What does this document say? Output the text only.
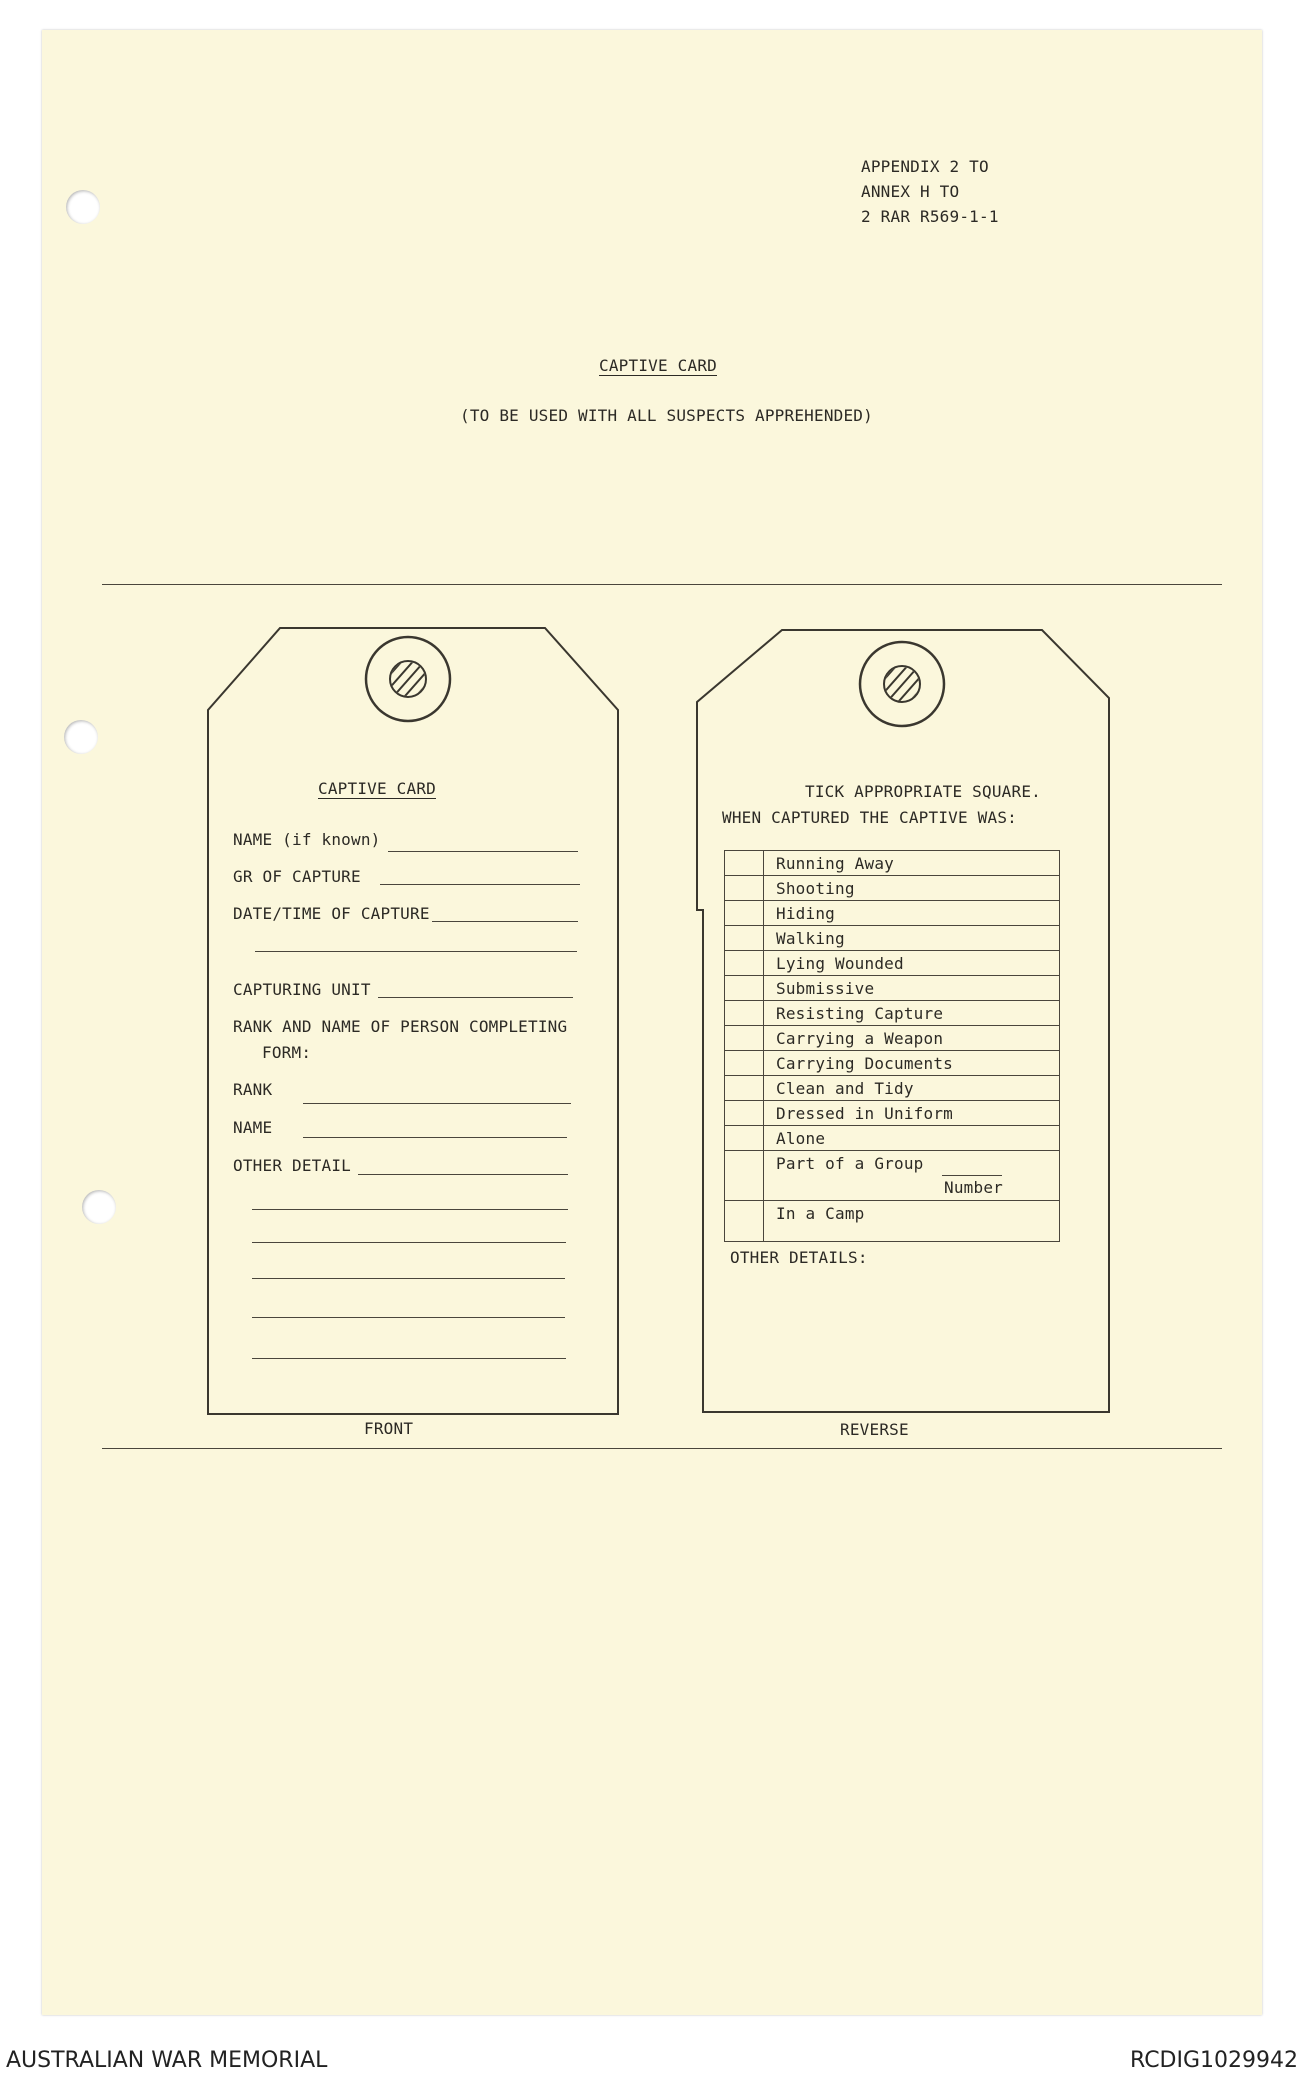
APPENDIX 2 TO
ANNEX H TO
2 RAR R569-1-1
CAPTIVE CARD
(TO BE USED WITH ALL SUSPECTS APPREHENDED)
CAPTIVE CARD
NAME (if known)
GR OF CAPTURE
DATE/TIME OF CAPTURE
CAPTURING UNIT
RANK AND NAME OF PERSON COMPLETING
FORM:
RANK
NAME
OTHER DETAIL
FRONT
TICK APPROPRIATE SQUARE.
WHEN CAPTURED THE CAPTIVE WAS:
Running Away
Shooting
Hiding
Walking
Lying Wounded
Submissive
Resisting Capture
Carrying a Weapon
Carrying Documents
Clean and Tidy
Dressed in Uniform
Alone
Part of a Group
Number
In a Camp
OTHER DETAILS:
REVERSE
AUSTRALIAN WAR MEMORIAL	RCDIG1029942
